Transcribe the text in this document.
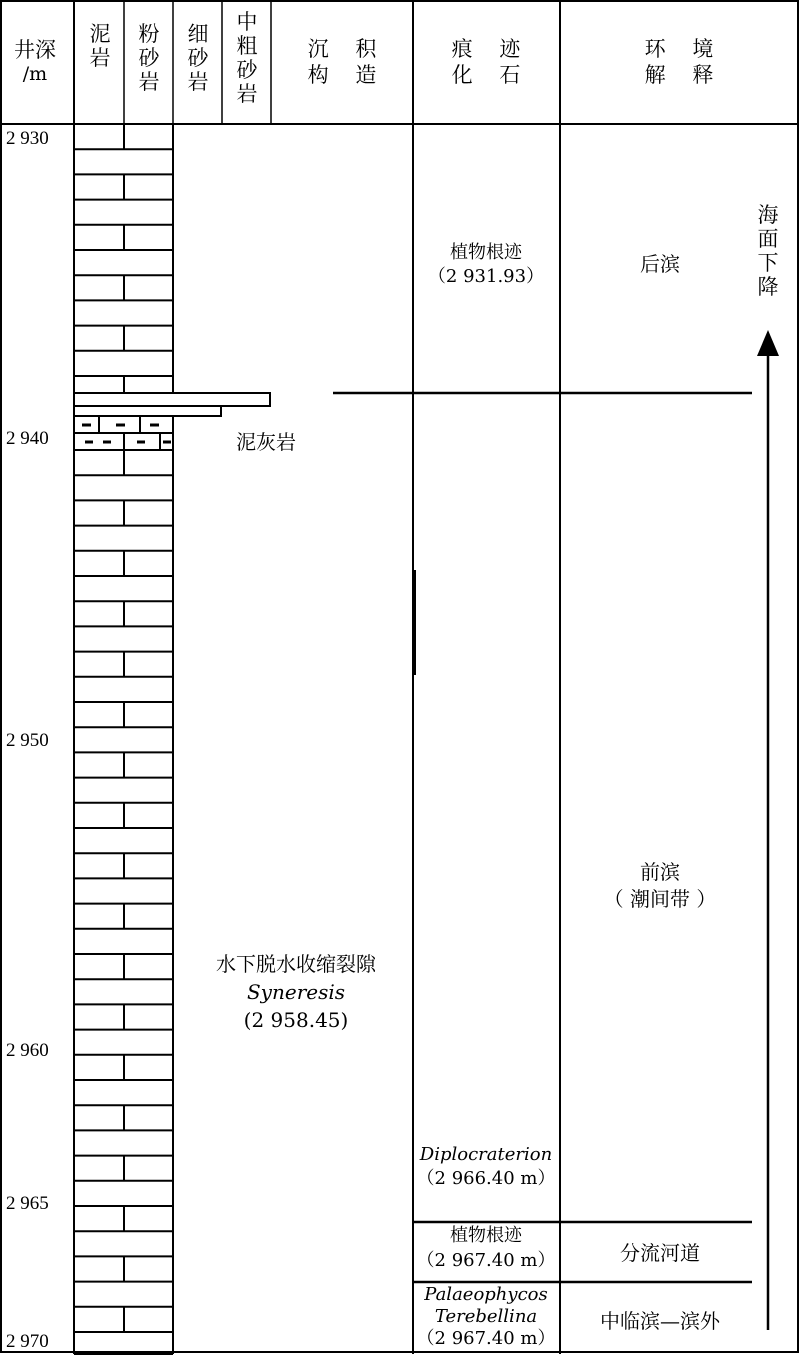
井深
/m
泥
岩
粉
砂
岩
细
砂
岩
中
粗
砂
岩
沉 积
构 造
痕 迹
化 石
环 境
解 释
2 930
2 940
2 950
2 960
2 965
2 970
泥灰岩
水下脱水收缩裂隙
Syneresis
(2 958.45)
植物根迹
（2 931.93）
Diplocraterion
（2 966.40 m）
植物根迹
（2 967.40 m）
Palaeophycos
Terebellina
（2 967.40 m）
后滨
前滨
（ 潮间带 ）
分流河道
中临滨—滨外
海
面
下
降
